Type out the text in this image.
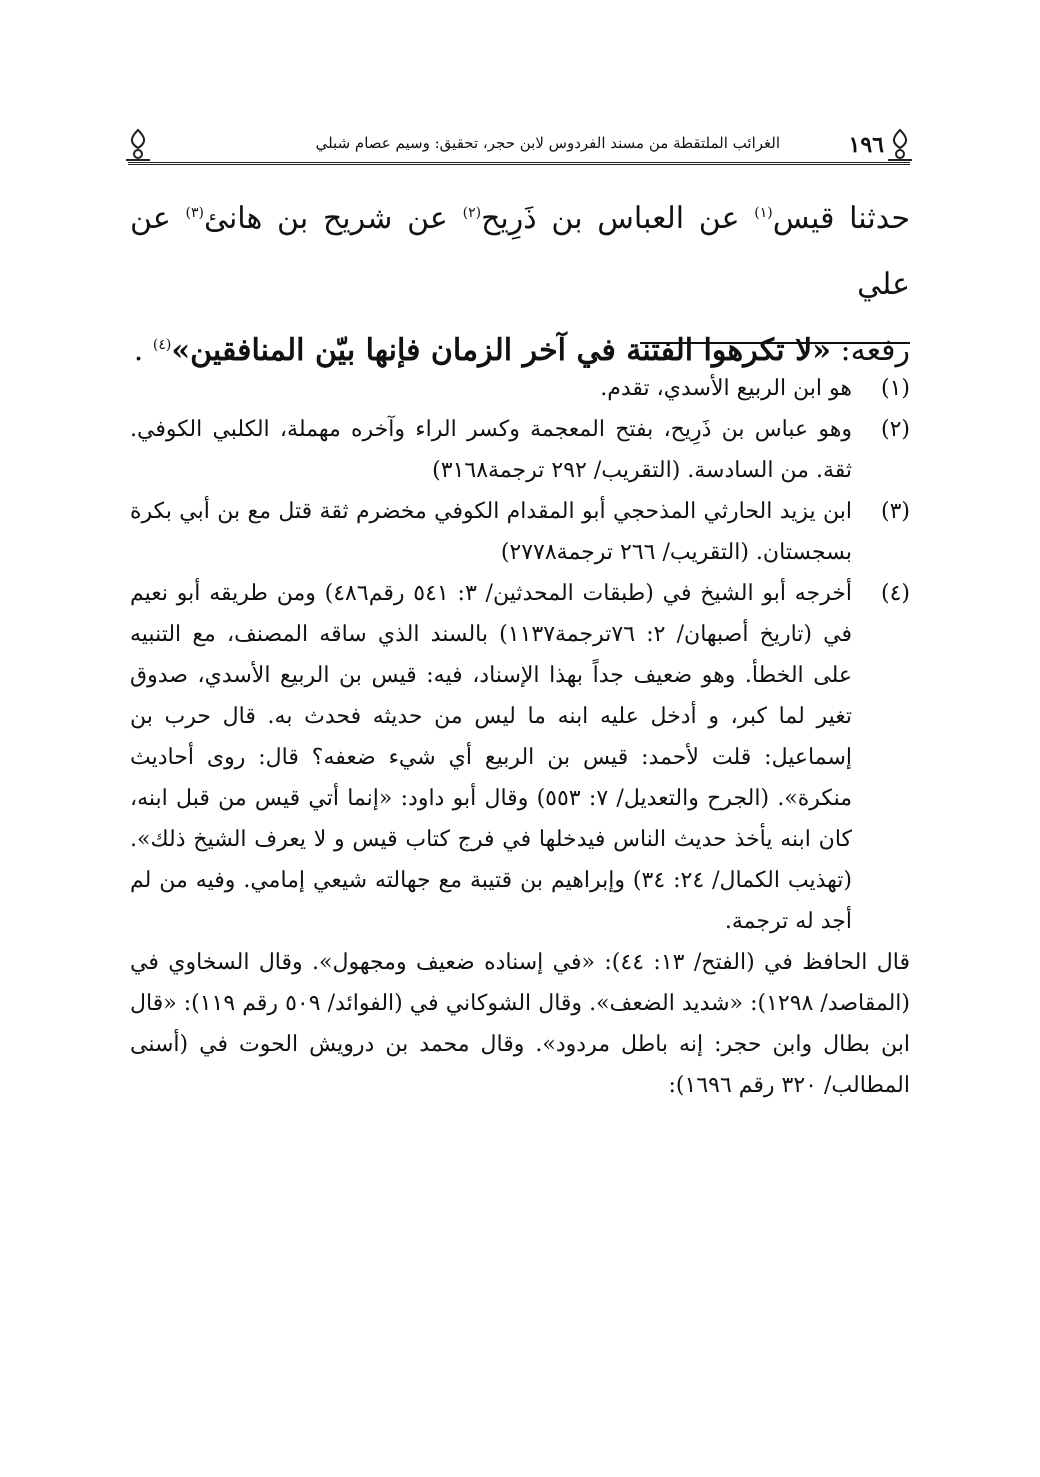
١٩٦
الغرائب الملتقطة من مسند الفردوس لابن حجر، تحقيق: وسيم عصام شبلي

حدثنا قيس$^{(١)}$ عن العباس بن ذَرِيح$^{(٢)}$ عن شريح بن هانئ$^{(٣)}$ عن علي

رفعه: «لا تكرهوا الفتنة في آخر الزمان فإنها بيّن المنافقين»$^{(٤)}$ .

(١)
هو ابن الربيع الأسدي، تقدم.
(٢)
وهو عباس بن ذَرِيح، بفتح المعجمة وكسر الراء وآخره مهملة، الكلبي الكوفي. ثقة. من السادسة. (التقريب/ ٢٩٢ ترجمة٣١٦٨)
(٣)
ابن يزيد الحارثي المذحجي أبو المقدام الكوفي مخضرم ثقة قتل مع بن أبي بكرة بسجستان. (التقريب/ ٢٦٦ ترجمة٢٧٧٨)
(٤)
أخرجه أبو الشيخ في (طبقات المحدثين/ ٣: ٥٤١ رقم٤٨٦) ومن طريقه أبو نعيم في (تاريخ أصبهان/ ٢: ٧٦ترجمة١١٣٧) بالسند الذي ساقه المصنف، مع التنبيه على الخطأ. وهو ضعيف جداً بهذا الإسناد، فيه: قيس بن الربيع الأسدي، صدوق تغير لما كبر، و أدخل عليه ابنه ما ليس من حديثه فحدث به. قال حرب بن إسماعيل: قلت لأحمد: قيس بن الربيع أي شيء ضعفه؟ قال: روى أحاديث منكرة». (الجرح والتعديل/ ٧: ٥٥٣) وقال أبو داود: «إنما أتي قيس من قبل ابنه، كان ابنه يأخذ حديث الناس فيدخلها في فرج كتاب قيس و لا يعرف الشيخ ذلك». (تهذيب الكمال/ ٢٤: ٣٤) وإبراهيم بن قتيبة مع جهالته شيعي إمامي. وفيه من لم أجد له ترجمة.

قال الحافظ في (الفتح/ ١٣: ٤٤): «في إسناده ضعيف ومجهول». وقال السخاوي في (المقاصد/ ١٢٩٨): «شديد الضعف». وقال الشوكاني في (الفوائد/ ٥٠٩ رقم ١١٩): «قال ابن بطال وابن حجر: إنه باطل مردود». وقال محمد بن درويش الحوت في (أسنى المطالب/ ٣٢٠ رقم ١٦٩٦):
